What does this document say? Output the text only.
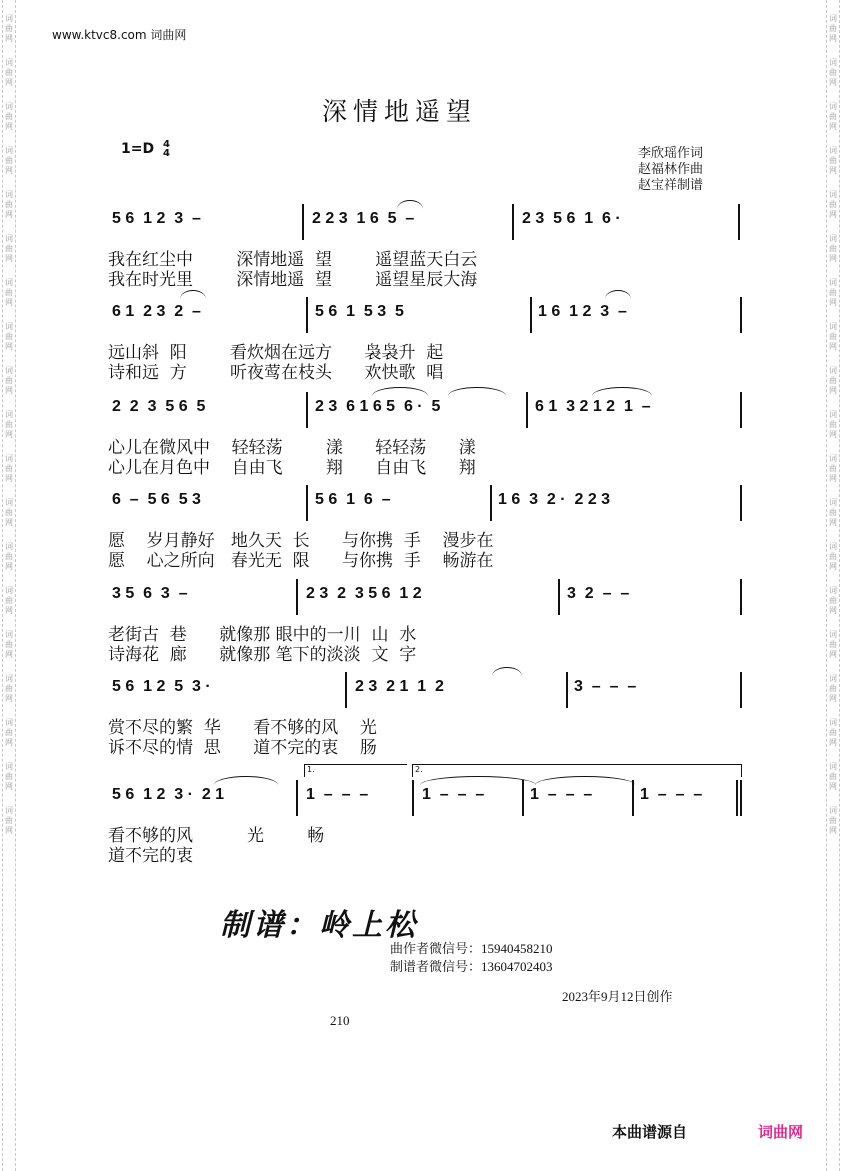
词
曲
网
词
曲
网
词
曲
网
词
曲
网
词
曲
网
词
曲
网
词
曲
网
词
曲
网
词
曲
网
词
曲
网
词
曲
网
词
曲
网
词
曲
网
词
曲
网
词
曲
网
词
曲
网
词
曲
网
词
曲
网
词
曲
网
词
曲
网
词
曲
网
词
曲
网
词
曲
网
词
曲
网
词
曲
网
词
曲
网
词
曲
网
词
曲
网
词
曲
网
词
曲
网
词
曲
网
词
曲
网
词
曲
网
词
曲
网
词
曲
网
词
曲
网
词
曲
网
词
曲
网
www.ktvc8.com 词曲网
深情地遥望
1=D 4
4	李欣瑶作词
赵福林作曲
赵宝祥制谱
5 6  1 2  3  –	2 2 3  1 6  5  –	2 3  5 6  1  6 ·
我在红尘中        深情地遥  望        遥望蓝天白云
我在时光里        深情地遥  望        遥望星辰大海
6 1  2 3  2  –	5 6  1  5 3  5	1 6  1 2  3  –
远山斜  阳        看炊烟在远方      袅袅升  起
诗和远  方        听夜莺在枝头      欢快歌  唱
2  2  3  5 6  5	2 3  6 1 6 5  6 ·  5	6 1  3 2 1 2  1  –
心儿在微风中    轻轻荡        漾      轻轻荡      漾
心儿在月色中    自由飞        翔      自由飞      翔
6  –  5 6  5 3	5 6  1  6  –	1 6  3  2 ·  2 2 3
愿    岁月静好   地久天  长      与你携  手    漫步在
愿    心之所向   春光无  限      与你携  手    畅游在
3 5  6  3  –	2 3  2  3 5 6  1 2	3  2  –  –
老街古  巷      就像那 眼中的一川  山  水
诗海花  廊      就像那 笔下的淡淡  文  字
5 6  1 2  5  3 ·	2 3  2 1  1  2	3  –  –  –
赏不尽的繁  华      看不够的风    光
诉不尽的情  思      道不完的衷    肠
5 6  1 2  3 ·  2 1	1  –  –  –	1  –  –  –	1  –  –  –	1  –  –  –
看不够的风          光        畅
道不完的衷
1.	2.
制谱：岭上松
曲作者微信号：15940458210
制谱者微信号：13604702403
2023年9月12日创作
210
本曲谱源自	词曲网
